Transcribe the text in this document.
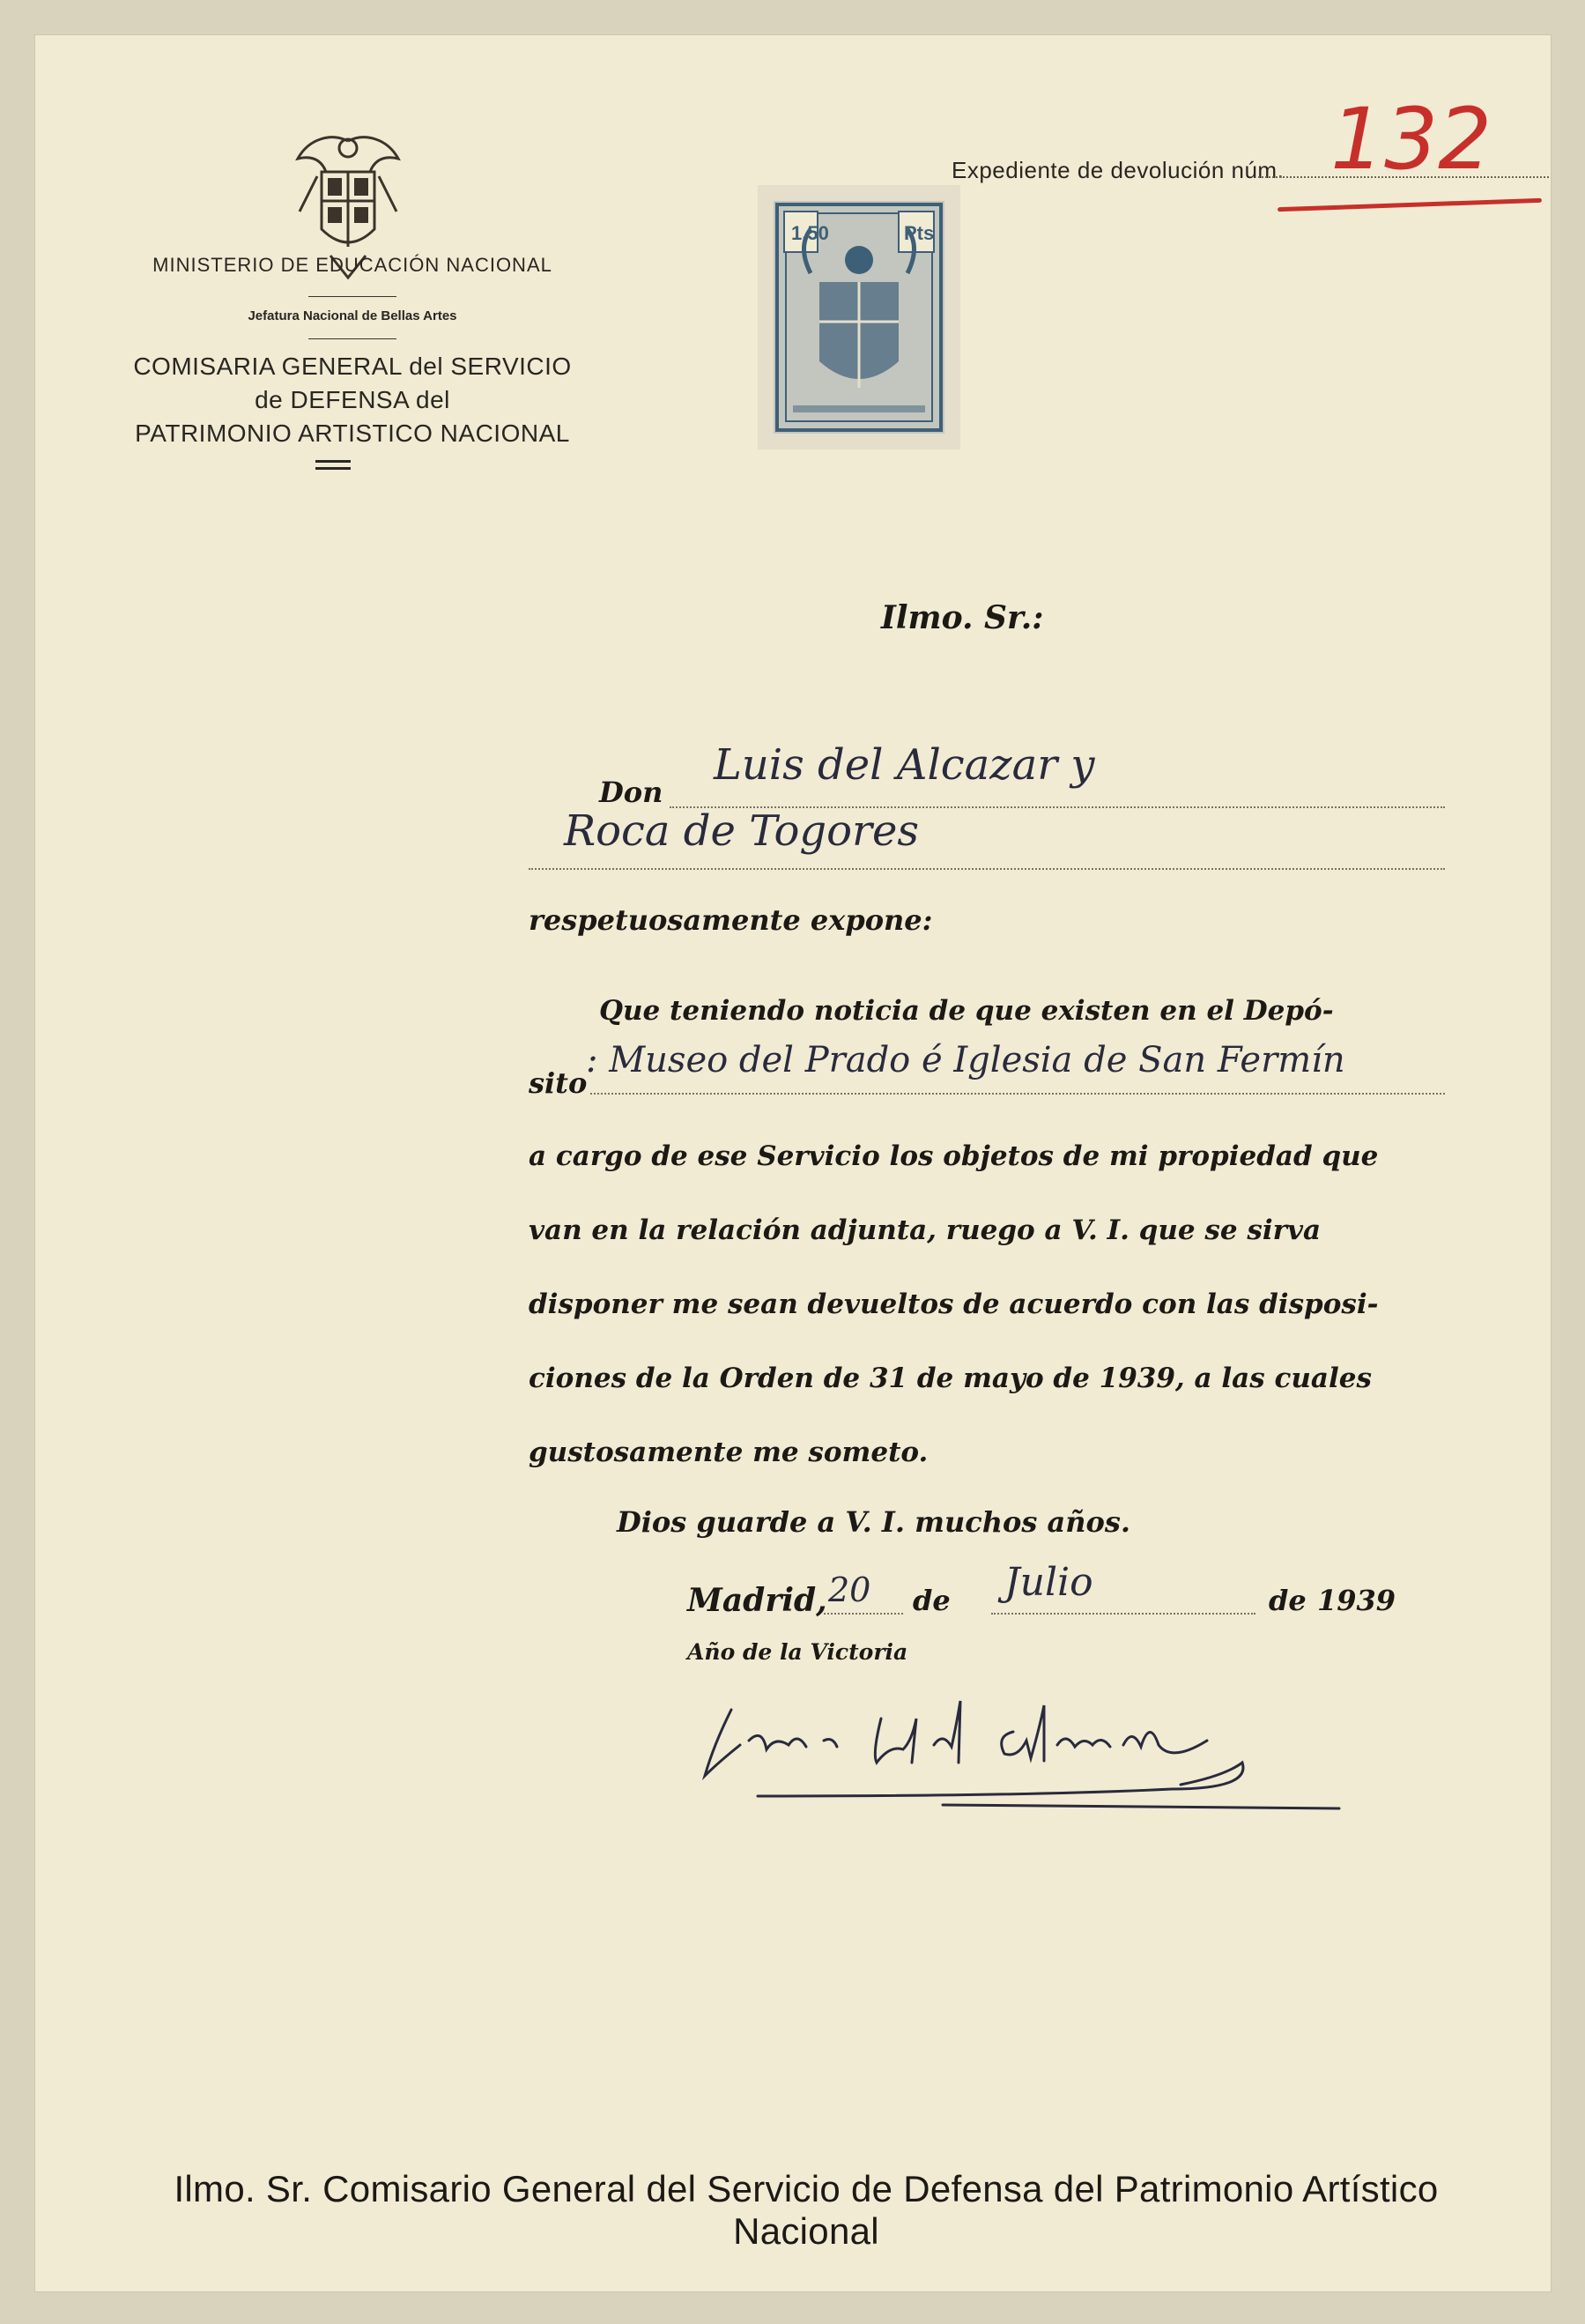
MINISTERIO DE EDUCACIÓN NACIONAL
Jefatura Nacional de Bellas Artes
COMISARIA GENERAL del SERVICIO
de DEFENSA del
PATRIMONIO ARTISTICO NACIONAL
1.50	Pts
Expediente de devolución núm. 132
Ilmo. Sr.:
Don
Luis del Alcazar y
Roca de Togores
respetuosamente expone:
Que teniendo noticia de que existen en el Depó-
sito
: Museo del Prado é Iglesia de San Fermín
a cargo de ese Servicio los objetos de mi propiedad que
van en la relación adjunta, ruego a V. I. que se sirva
disponer me sean devueltos de acuerdo con las disposi-
ciones de la Orden de 31 de mayo de 1939, a las cuales
gustosamente me someto.
Dios guarde a V. I. muchos años.
Madrid, 20 de Julio	de 1939
Año de la Victoria
Ilmo. Sr. Comisario General del Servicio de Defensa del Patrimonio Artístico Nacional
